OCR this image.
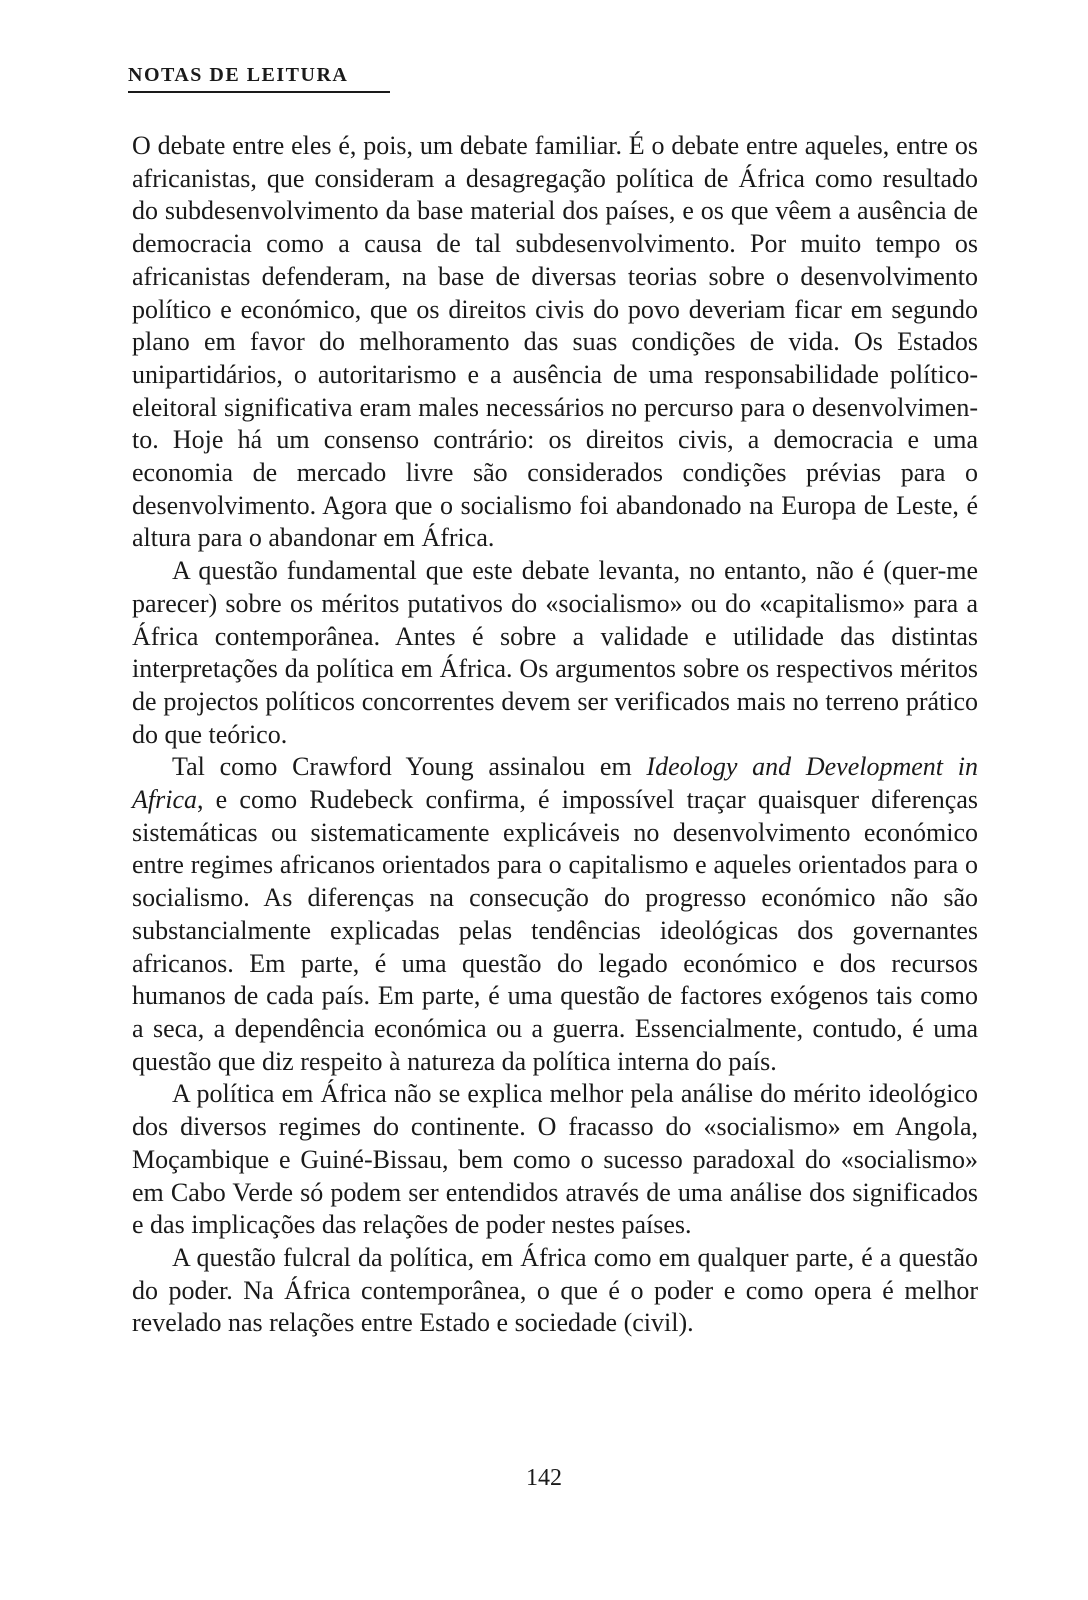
NOTAS DE LEITURA

O debate entre eles é, pois, um debate familiar. É o debate entre aqueles, entre os africanistas, que consideram a desagregação política de África como resultado do subdesenvolvimento da base material dos países, e os que vêem a ausência de democracia como a causa de tal subdesenvolvimento. Por muito tempo os africanistas defenderam, na base de diversas teorias sobre o desenvolvimento político e económico, que os direitos civis do povo deveriam ficar em segundo plano em favor do melhoramento das suas condições de vida. Os Estados unipartidários, o autoritarismo e a ausência de uma responsabilidade político-eleitoral significativa eram males necessários no percurso para o desenvolvimento. Hoje há um consenso contrário: os direitos civis, a democracia e uma economia de mercado livre são considerados condições prévias para o desenvolvimento. Agora que o socialismo foi abandonado na Europa de Leste, é altura para o abandonar em África.

A questão fundamental que este debate levanta, no entanto, não é (quer-me parecer) sobre os méritos putativos do «socialismo» ou do «capitalismo» para a África contemporânea. Antes é sobre a validade e utilidade das distintas interpretações da política em África. Os argumentos sobre os respectivos méritos de projectos políticos concorrentes devem ser verificados mais no terreno prático do que teórico.

Tal como Crawford Young assinalou em Ideology and Development in Africa, e como Rudebeck confirma, é impossível traçar quaisquer diferenças sistemáticas ou sistematicamente explicáveis no desenvolvimento económico entre regimes africanos orientados para o capitalismo e aqueles orientados para o socialismo. As diferenças na consecução do progresso económico não são substancialmente explicadas pelas tendências ideológicas dos governantes africanos. Em parte, é uma questão do legado económico e dos recursos humanos de cada país. Em parte, é uma questão de factores exógenos tais como a seca, a dependência económica ou a guerra. Essencialmente, contudo, é uma questão que diz respeito à natureza da política interna do país.

A política em África não se explica melhor pela análise do mérito ideológico dos diversos regimes do continente. O fracasso do «socialismo» em Angola, Moçambique e Guiné-Bissau, bem como o sucesso paradoxal do «socialismo» em Cabo Verde só podem ser entendidos através de uma análise dos significados e das implicações das relações de poder nestes países.

A questão fulcral da política, em África como em qualquer parte, é a questão do poder. Na África contemporânea, o que é o poder e como opera é melhor revelado nas relações entre Estado e sociedade (civil).

142
